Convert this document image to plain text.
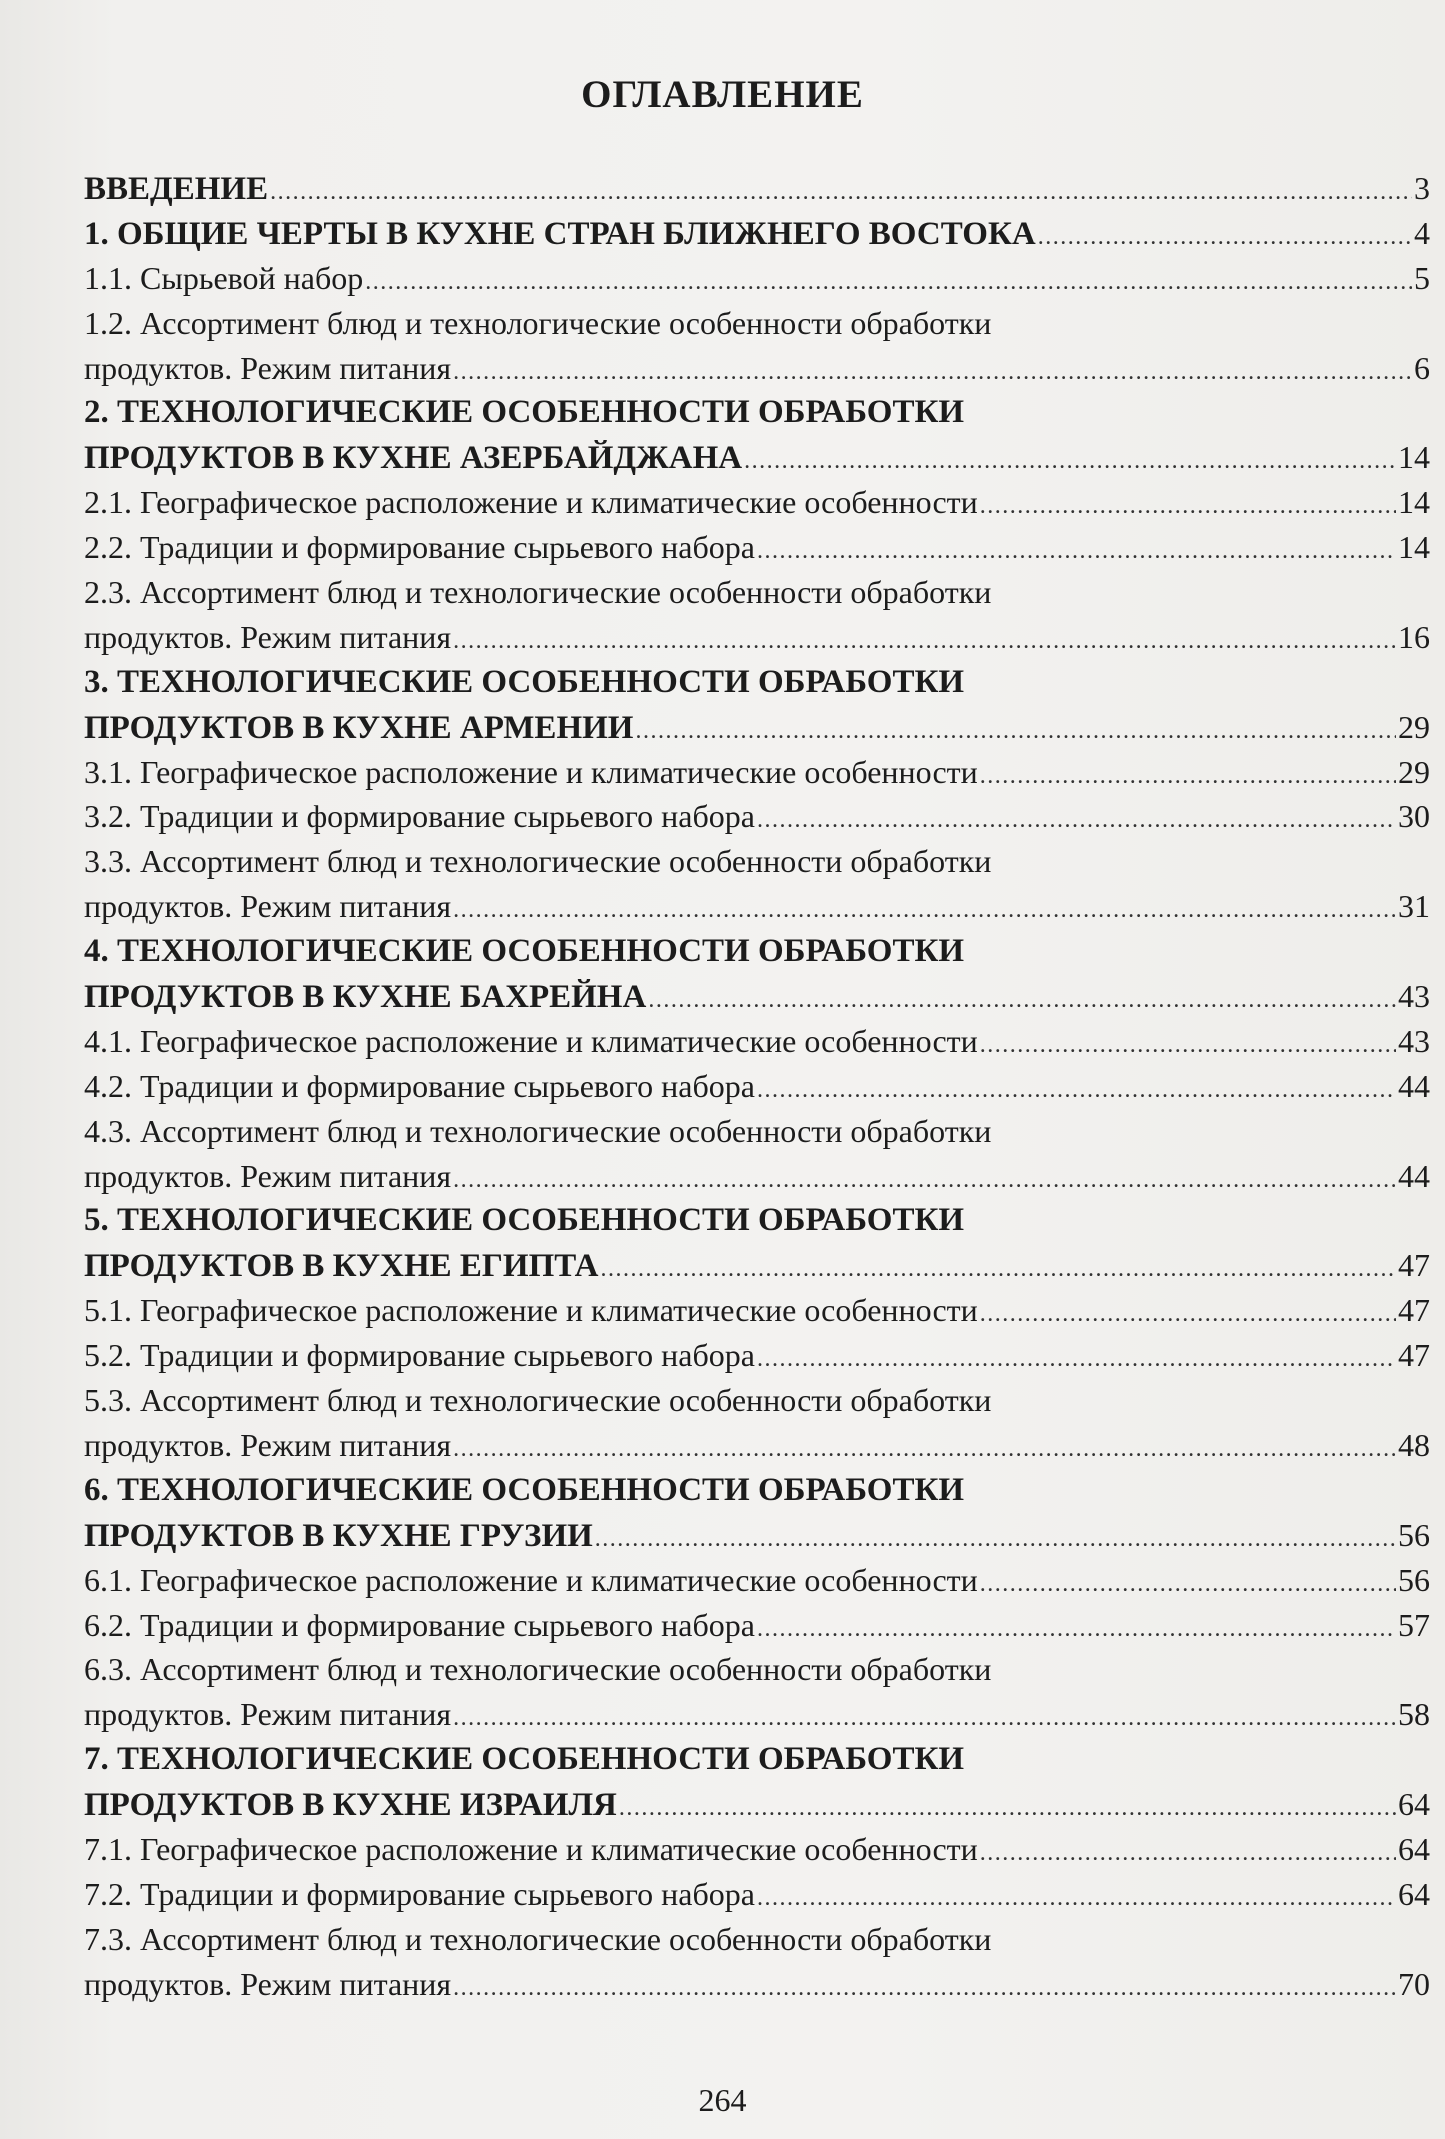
ОГЛАВЛЕНИЕ
ВВЕДЕНИЕ .....	3
1. ОБЩИЕ ЧЕРТЫ В КУХНЕ СТРАН БЛИЖНЕГО ВОСТОКА .....	4
1.1. Сырьевой набор .....	5
1.2. Ассортимент блюд и технологические особенности обработки
продуктов. Режим питания .....	6
2. ТЕХНОЛОГИЧЕСКИЕ ОСОБЕННОСТИ ОБРАБОТКИ
ПРОДУКТОВ В КУХНЕ АЗЕРБАЙДЖАНА .....	14
2.1. Географическое расположение и климатические особенности .....	14
2.2. Традиции и формирование сырьевого набора .....	14
2.3. Ассортимент блюд и технологические особенности обработки
продуктов. Режим питания .....	16
3. ТЕХНОЛОГИЧЕСКИЕ ОСОБЕННОСТИ ОБРАБОТКИ
ПРОДУКТОВ В КУХНЕ АРМЕНИИ .....	29
3.1. Географическое расположение и климатические особенности .....	29
3.2. Традиции и формирование сырьевого набора .....	30
3.3. Ассортимент блюд и технологические особенности обработки
продуктов. Режим питания .....	31
4. ТЕХНОЛОГИЧЕСКИЕ ОСОБЕННОСТИ ОБРАБОТКИ
ПРОДУКТОВ В КУХНЕ БАХРЕЙНА .....	43
4.1. Географическое расположение и климатические особенности .....	43
4.2. Традиции и формирование сырьевого набора .....	44
4.3. Ассортимент блюд и технологические особенности обработки
продуктов. Режим питания .....	44
5. ТЕХНОЛОГИЧЕСКИЕ ОСОБЕННОСТИ ОБРАБОТКИ
ПРОДУКТОВ В КУХНЕ ЕГИПТА .....	47
5.1. Географическое расположение и климатические особенности .....	47
5.2. Традиции и формирование сырьевого набора .....	47
5.3. Ассортимент блюд и технологические особенности обработки
продуктов. Режим питания .....	48
6. ТЕХНОЛОГИЧЕСКИЕ ОСОБЕННОСТИ ОБРАБОТКИ
ПРОДУКТОВ В КУХНЕ ГРУЗИИ .....	56
6.1. Географическое расположение и климатические особенности .....	56
6.2. Традиции и формирование сырьевого набора .....	57
6.3. Ассортимент блюд и технологические особенности обработки
продуктов. Режим питания .....	58
7. ТЕХНОЛОГИЧЕСКИЕ ОСОБЕННОСТИ ОБРАБОТКИ
ПРОДУКТОВ В КУХНЕ ИЗРАИЛЯ .....	64
7.1. Географическое расположение и климатические особенности .....	64
7.2. Традиции и формирование сырьевого набора .....	64
7.3. Ассортимент блюд и технологические особенности обработки
продуктов. Режим питания .....	70
264
